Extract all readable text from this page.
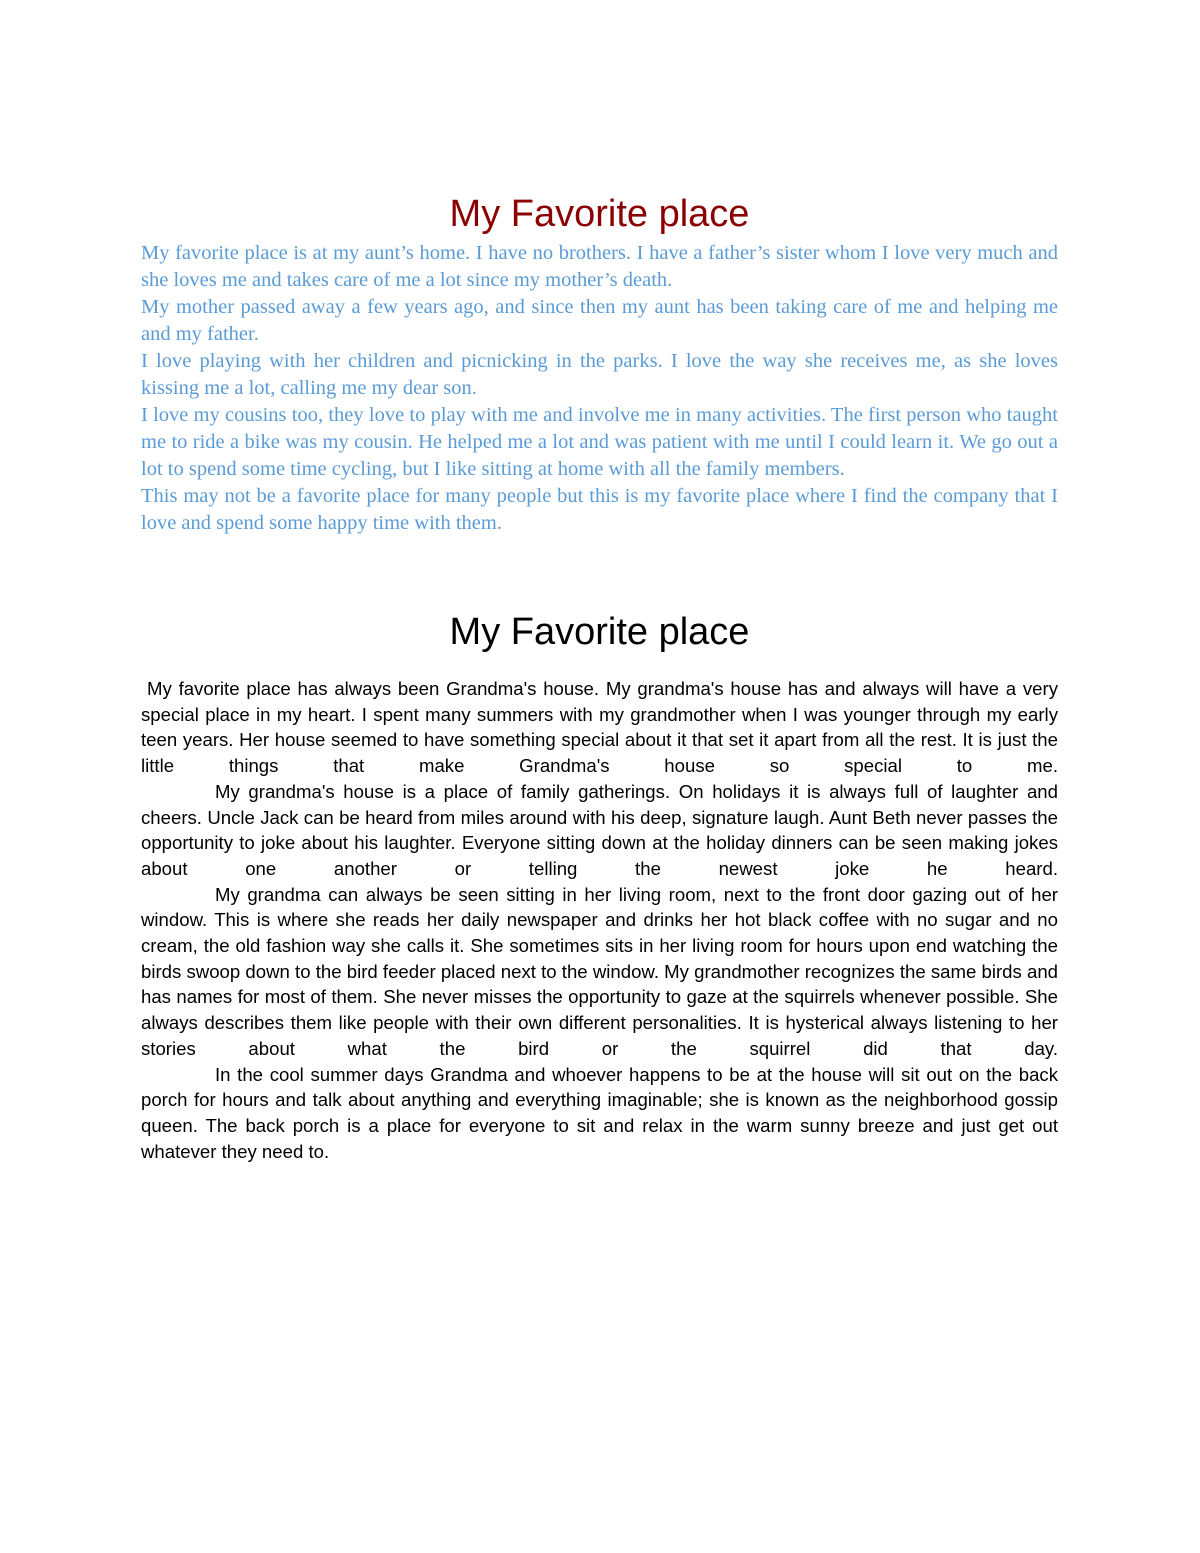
My Favorite place

My favorite place is at my aunt’s home. I have no brothers. I have a father’s sister whom I love very much and she loves me and takes care of me a lot since my mother’s death.

My mother passed away a few years ago, and since then my aunt has been taking care of me and helping me and my father.

I love playing with her children and picnicking in the parks. I love the way she receives me, as she loves kissing me a lot, calling me my dear son.

I love my cousins too, they love to play with me and involve me in many activities. The first person who taught me to ride a bike was my cousin. He helped me a lot and was patient with me until I could learn it. We go out a lot to spend some time cycling, but I like sitting at home with all the family members.

This may not be a favorite place for many people but this is my favorite place where I find the company that I love and spend some happy time with them.

My Favorite place

My favorite place has always been Grandma's house. My grandma's house has and always will have a very special place in my heart. I spent many summers with my grandmother when I was younger through my early teen years. Her house seemed to have something special about it that set it apart from all the rest. It is just the little things that make Grandma's house so special to me.

My grandma's house is a place of family gatherings. On holidays it is always full of laughter and cheers. Uncle Jack can be heard from miles around with his deep, signature laugh. Aunt Beth never passes the opportunity to joke about his laughter. Everyone sitting down at the holiday dinners can be seen making jokes about one another or telling the newest joke he heard.

My grandma can always be seen sitting in her living room, next to the front door gazing out of her window. This is where she reads her daily newspaper and drinks her hot black coffee with no sugar and no cream, the old fashion way she calls it. She sometimes sits in her living room for hours upon end watching the birds swoop down to the bird feeder placed next to the window. My grandmother recognizes the same birds and has names for most of them. She never misses the opportunity to gaze at the squirrels whenever possible. She always describes them like people with their own different personalities. It is hysterical always listening to her stories about what the bird or the squirrel did that day.

In the cool summer days Grandma and whoever happens to be at the house will sit out on the back porch for hours and talk about anything and everything imaginable; she is known as the neighborhood gossip queen. The back porch is a place for everyone to sit and relax in the warm sunny breeze and just get out whatever they need to.
